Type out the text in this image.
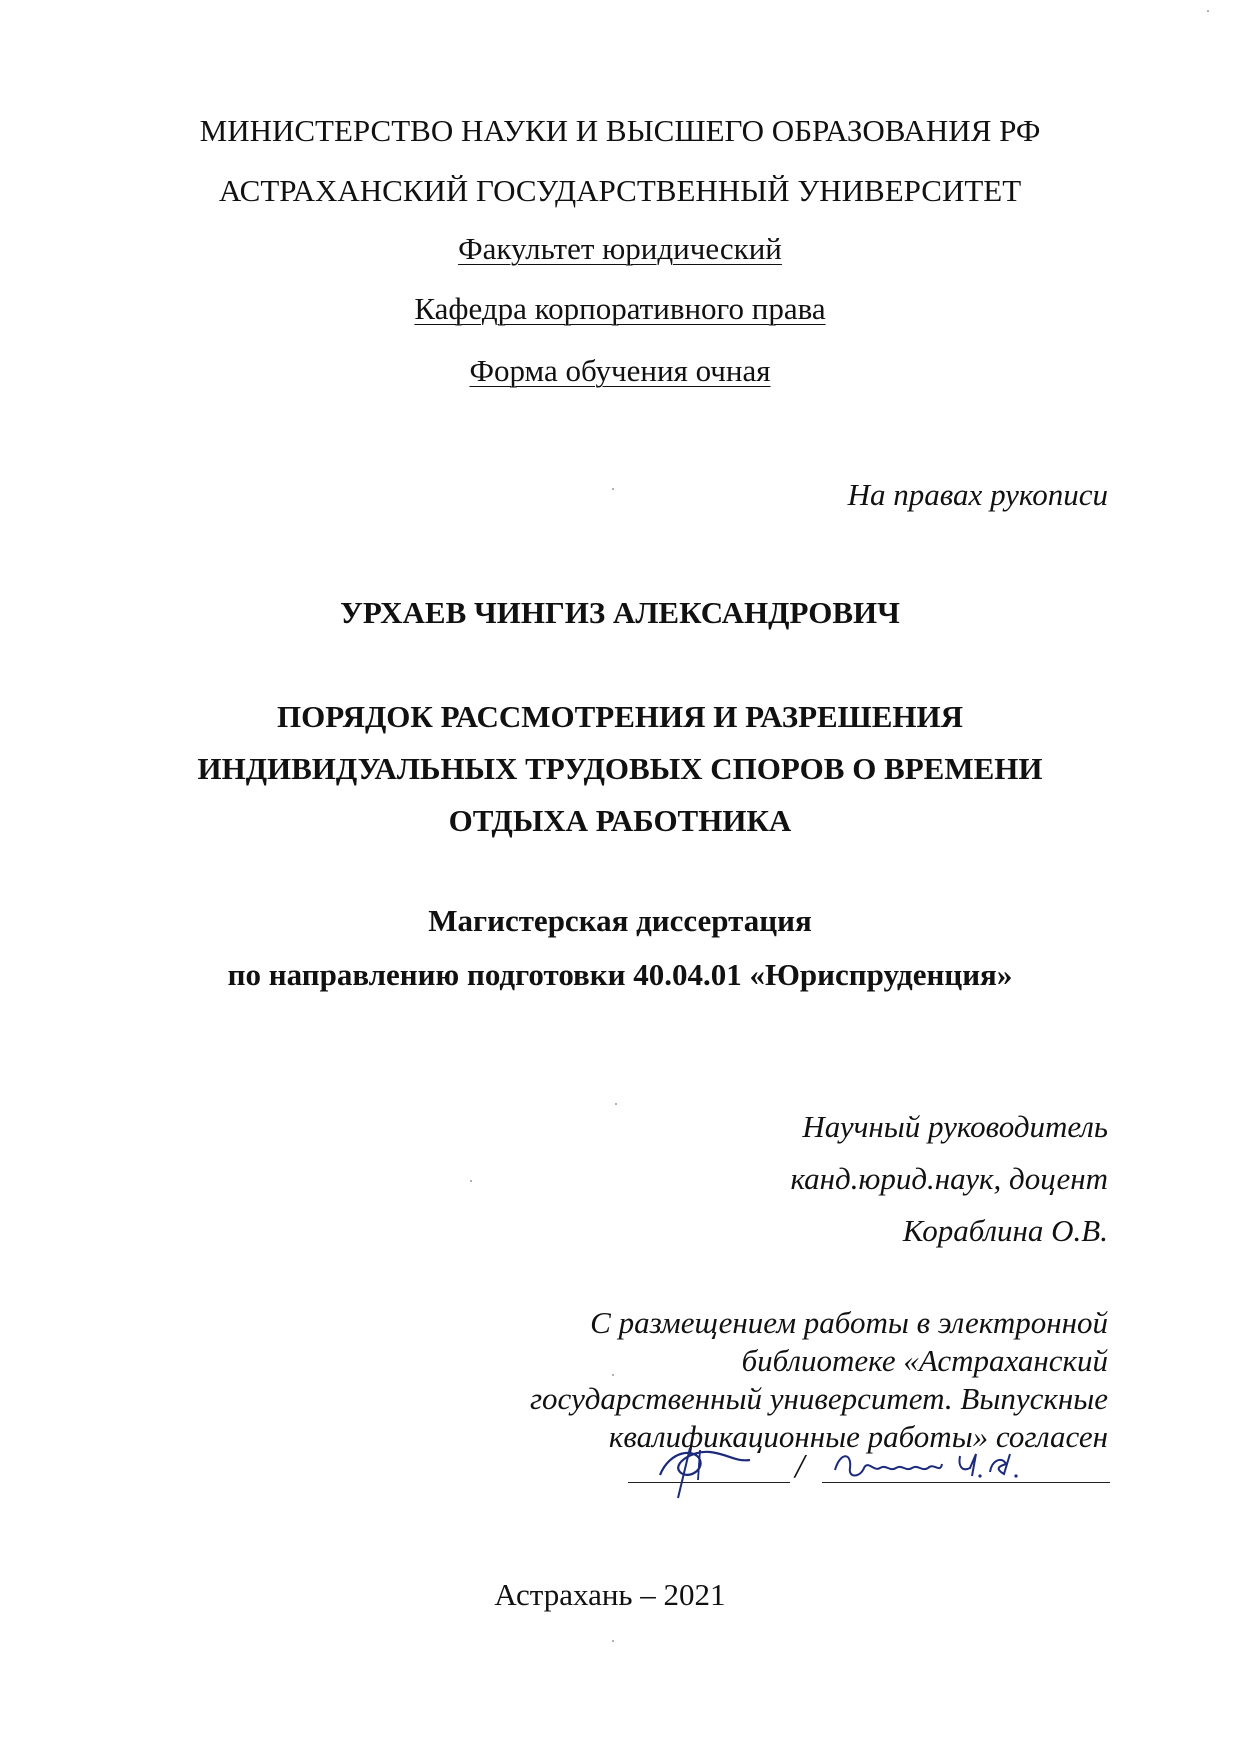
МИНИСТЕРСТВО НАУКИ И ВЫСШЕГО ОБРАЗОВАНИЯ РФ
АСТРАХАНСКИЙ ГОСУДАРСТВЕННЫЙ УНИВЕРСИТЕТ
Факультет юридический
Кафедра корпоративного права
Форма обучения очная
На правах рукописи
УРХАЕВ ЧИНГИЗ АЛЕКСАНДРОВИЧ
ПОРЯДОК РАССМОТРЕНИЯ И РАЗРЕШЕНИЯ
ИНДИВИДУАЛЬНЫХ ТРУДОВЫХ СПОРОВ О ВРЕМЕНИ
ОТДЫХА РАБОТНИКА
Магистерская диссертация
по направлению подготовки 40.04.01 «Юриспруденция»
Научный руководитель
канд.юрид.наук, доцент
Кораблина О.В.
С размещением работы в электронной
библиотеке «Астраханский
государственный университет. Выпускные
квалификационные работы» согласен
/
Астрахань – 2021
